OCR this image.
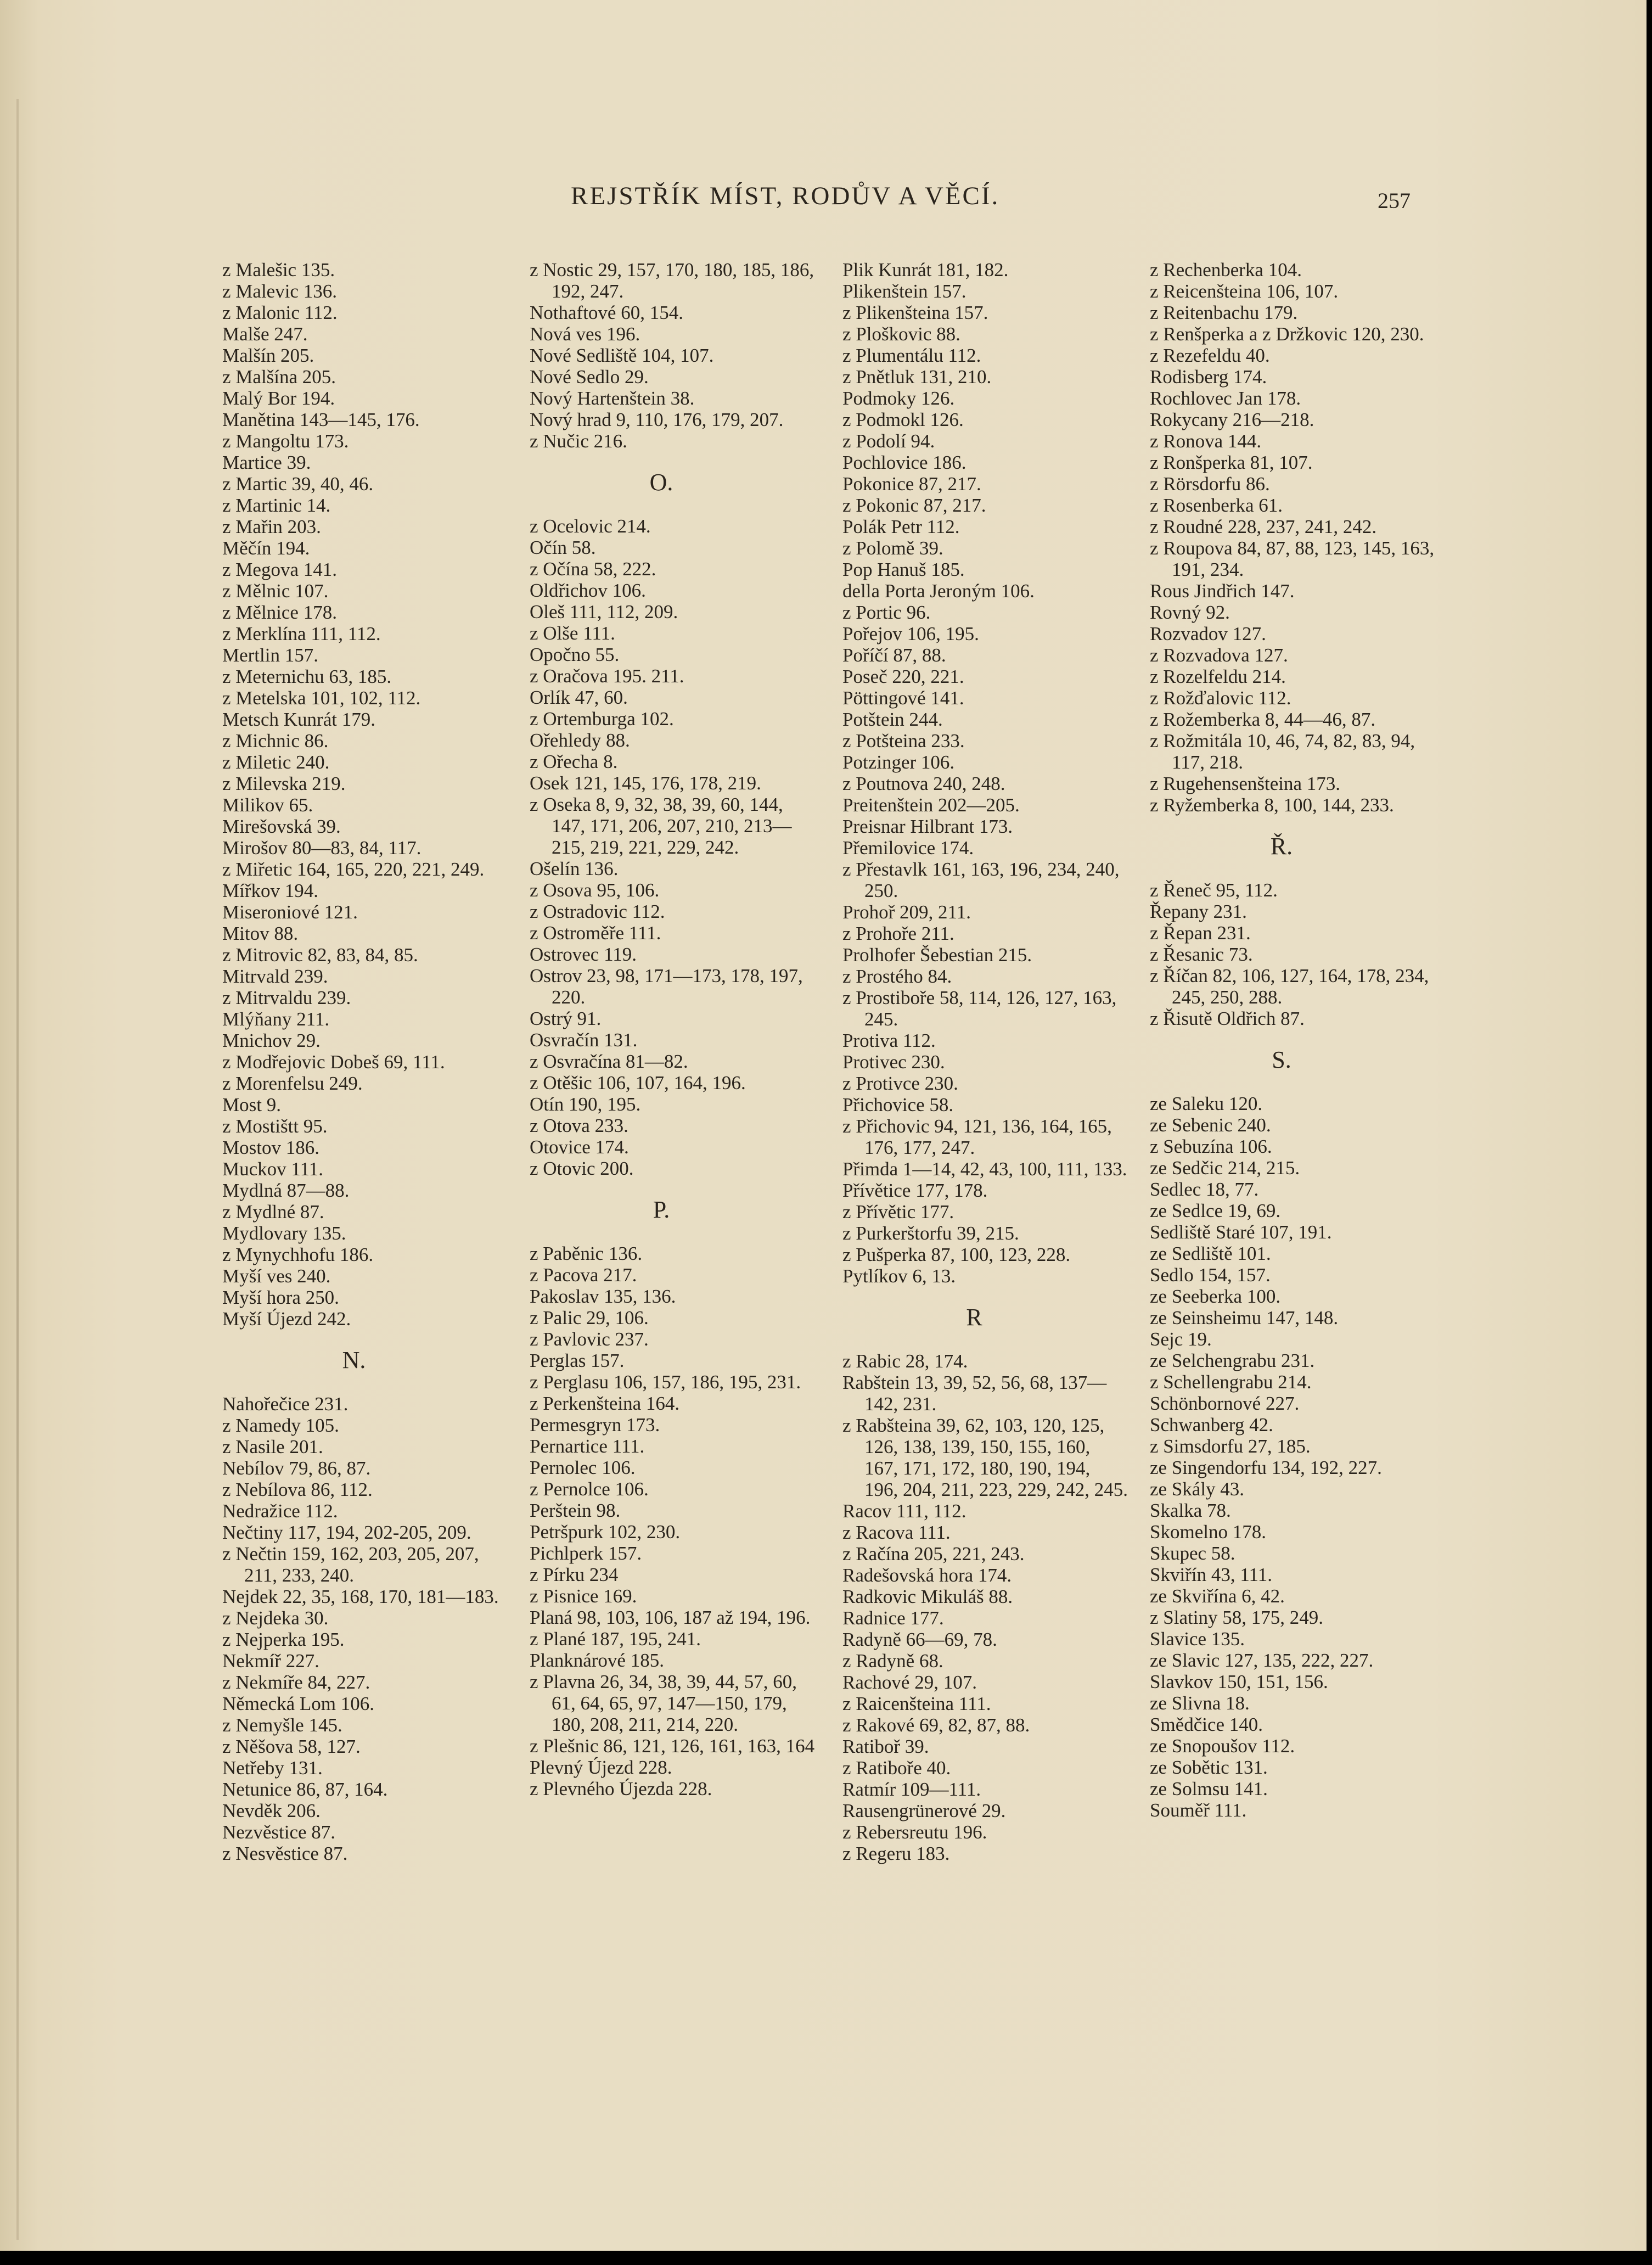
REJSTŘÍK MÍST, RODŮV A VĚCÍ.	257
z Malešic 135.
z Malevic 136.
z Malonic 112.
Malše 247.
Malšín 205.
z Malšína 205.
Malý Bor 194.
Manětina 143—145, 176.
z Mangoltu 173.
Martice 39.
z Martic 39, 40, 46.
z Martinic 14.
z Mařin 203.
Měčín 194.
z Megova 141.
z Mělnic 107.
z Mělnice 178.
z Merklína 111, 112.
Mertlin 157.
z Meternichu 63, 185.
z Metelska 101, 102, 112.
Metsch Kunrát 179.
z Michnic 86.
z Miletic 240.
z Milevska 219.
Milikov 65.
Mirešovská 39.
Mirošov 80—83, 84, 117.
z Miřetic 164, 165, 220, 221, 249.
Mířkov 194.
Miseroniové 121.
Mitov 88.
z Mitrovic 82, 83, 84, 85.
Mitrvald 239.
z Mitrvaldu 239.
Mlýňany 211.
Mnichov 29.
z Modřejovic Dobeš 69, 111.
z Morenfelsu 249.
Most 9.
z Mostištt 95.
Mostov 186.
Muckov 111.
Mydlná 87—88.
z Mydlné 87.
Mydlovary 135.
z Mynychhofu 186.
Myší ves 240.
Myší hora 250.
Myší Újezd 242.
N.
Nahořečice 231.
z Namedy 105.
z Nasile 201.
Nebílov 79, 86, 87.
z Nebílova 86, 112.
Nedražice 112.
Nečtiny 117, 194, 202-205, 209.
z Nečtin 159, 162, 203, 205, 207, 211, 233, 240.
Nejdek 22, 35, 168, 170, 181—183.
z Nejdeka 30.
z Nejperka 195.
Nekmíř 227.
z Nekmíře 84, 227.
Německá Lom 106.
z Nemyšle 145.
z Něšova 58, 127.
Netřeby 131.
Netunice 86, 87, 164.
Nevděk 206.
Nezvěstice 87.
z Nesvěstice 87.
z Nostic 29, 157, 170, 180, 185, 186, 192, 247.
Nothaftové 60, 154.
Nová ves 196.
Nové Sedliště 104, 107.
Nové Sedlo 29.
Nový Hartenštein 38.
Nový hrad 9, 110, 176, 179, 207.
z Nučic 216.
O.
z Ocelovic 214.
Očín 58.
z Očína 58, 222.
Oldřichov 106.
Oleš 111, 112, 209.
z Olše 111.
Opočno 55.
z Oračova 195. 211.
Orlík 47, 60.
z Ortemburga 102.
Ořehledy 88.
z Ořecha 8.
Osek 121, 145, 176, 178, 219.
z Oseka 8, 9, 32, 38, 39, 60, 144, 147, 171, 206, 207, 210, 213—215, 219, 221, 229, 242.
Ošelín 136.
z Osova 95, 106.
z Ostradovic 112.
z Ostroměře 111.
Ostrovec 119.
Ostrov 23, 98, 171—173, 178, 197, 220.
Ostrý 91.
Osvračín 131.
z Osvračína 81—82.
z Otěšic 106, 107, 164, 196.
Otín 190, 195.
z Otova 233.
Otovice 174.
z Otovic 200.
P.
z Paběnic 136.
z Pacova 217.
Pakoslav 135, 136.
z Palic 29, 106.
z Pavlovic 237.
Perglas 157.
z Perglasu 106, 157, 186, 195, 231.
z Perkenšteina 164.
Permesgryn 173.
Pernartice 111.
Pernolec 106.
z Pernolce 106.
Perštein 98.
Petršpurk 102, 230.
Pichlperk 157.
z Pírku 234
z Pisnice 169.
Planá 98, 103, 106, 187 až 194, 196.
z Plané 187, 195, 241.
Planknárové 185.
z Plavna 26, 34, 38, 39, 44, 57, 60, 61, 64, 65, 97, 147—150, 179, 180, 208, 211, 214, 220.
z Plešnic 86, 121, 126, 161, 163, 164
Plevný Újezd 228.
z Plevného Újezda 228.
Plik Kunrát 181, 182.
Plikenštein 157.
z Plikenšteina 157.
z Ploškovic 88.
z Plumentálu 112.
z Pnětluk 131, 210.
Podmoky 126.
z Podmokl 126.
z Podolí 94.
Pochlovice 186.
Pokonice 87, 217.
z Pokonic 87, 217.
Polák Petr 112.
z Polomě 39.
Pop Hanuš 185.
della Porta Jeroným 106.
z Portic 96.
Pořejov 106, 195.
Poříčí 87, 88.
Poseč 220, 221.
Pöttingové 141.
Potštein 244.
z Potšteina 233.
Potzinger 106.
z Poutnova 240, 248.
Preitenštein 202—205.
Preisnar Hilbrant 173.
Přemilovice 174.
z Přestavlk 161, 163, 196, 234, 240, 250.
Prohoř 209, 211.
z Prohoře 211.
Prolhofer Šebestian 215.
z Prostého 84.
z Prostiboře 58, 114, 126, 127, 163, 245.
Protiva 112.
Protivec 230.
z Protivce 230.
Přichovice 58.
z Přichovic 94, 121, 136, 164, 165, 176, 177, 247.
Přimda 1—14, 42, 43, 100, 111, 133.
Přívětice 177, 178.
z Přívětic 177.
z Purkerštorfu 39, 215.
z Pušperka 87, 100, 123, 228.
Pytlíkov 6, 13.
R
z Rabic 28, 174.
Rabštein 13, 39, 52, 56, 68, 137—142, 231.
z Rabšteina 39, 62, 103, 120, 125, 126, 138, 139, 150, 155, 160, 167, 171, 172, 180, 190, 194, 196, 204, 211, 223, 229, 242, 245.
Racov 111, 112.
z Racova 111.
z Račína 205, 221, 243.
Radešovská hora 174.
Radkovic Mikuláš 88.
Radnice 177.
Radyně 66—69, 78.
z Radyně 68.
Rachové 29, 107.
z Raicenšteina 111.
z Rakové 69, 82, 87, 88.
Ratiboř 39.
z Ratiboře 40.
Ratmír 109—111.
Rausengrünerové 29.
z Rebersreutu 196.
z Regeru 183.
z Rechenberka 104.
z Reicenšteina 106, 107.
z Reitenbachu 179.
z Renšperka a z Držkovic 120, 230.
z Rezefeldu 40.
Rodisberg 174.
Rochlovec Jan 178.
Rokycany 216—218.
z Ronova 144.
z Ronšperka 81, 107.
z Rörsdorfu 86.
z Rosenberka 61.
z Roudné 228, 237, 241, 242.
z Roupova 84, 87, 88, 123, 145, 163, 191, 234.
Rous Jindřich 147.
Rovný 92.
Rozvadov 127.
z Rozvadova 127.
z Rozelfeldu 214.
z Rožďalovic 112.
z Rožemberka 8, 44—46, 87.
z Rožmitála 10, 46, 74, 82, 83, 94, 117, 218.
z Rugehensenšteina 173.
z Ryžemberka 8, 100, 144, 233.
Ř.
z Řeneč 95, 112.
Řepany 231.
z Řepan 231.
z Řesanic 73.
z Říčan 82, 106, 127, 164, 178, 234, 245, 250, 288.
z Řisutě Oldřich 87.
S.
ze Saleku 120.
ze Sebenic 240.
z Sebuzína 106.
ze Sedčic 214, 215.
Sedlec 18, 77.
ze Sedlce 19, 69.
Sedliště Staré 107, 191.
ze Sedliště 101.
Sedlo 154, 157.
ze Seeberka 100.
ze Seinsheimu 147, 148.
Sejc 19.
ze Selchengrabu 231.
z Schellengrabu 214.
Schönbornové 227.
Schwanberg 42.
z Simsdorfu 27, 185.
ze Singendorfu 134, 192, 227.
ze Skály 43.
Skalka 78.
Skomelno 178.
Skupec 58.
Skviřín 43, 111.
ze Skviřína 6, 42.
z Slatiny 58, 175, 249.
Slavice 135.
ze Slavic 127, 135, 222, 227.
Slavkov 150, 151, 156.
ze Slivna 18.
Smědčice 140.
ze Snopoušov 112.
ze Sobětic 131.
ze Solmsu 141.
Souměř 111.
